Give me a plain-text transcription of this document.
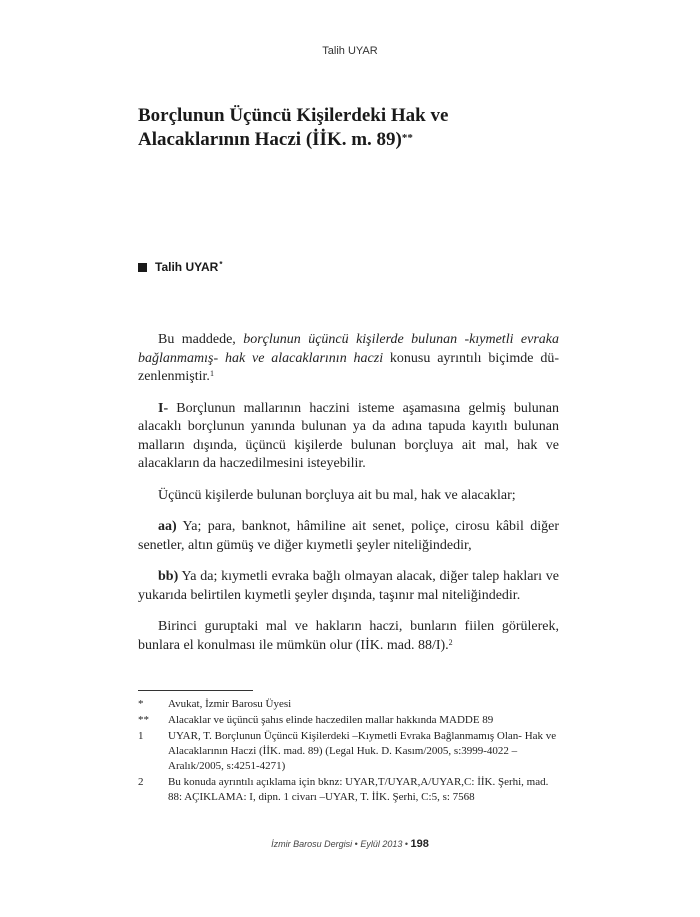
Talih UYAR
Borçlunun Üçüncü Kişilerdeki Hak ve
Alacaklarının Haczi (İİK. m. 89)**
Talih UYAR*

Bu maddede, borçlunun üçüncü kişilerde bulunan -kıymetli evraka bağlanmamış- hak ve alacaklarının haczi konusu ayrıntılı biçimde düzenlenmiştir.$^1$

I- Borçlunun mallarının haczini isteme aşamasına gelmiş bulunan alacaklı borçlunun yanında bulunan ya da adına tapuda kayıtlı bulunan malların dışında, üçüncü kişilerde bulunan borçluya ait mal, hak ve alacakların da haczedilmesini isteyebilir.

Üçüncü kişilerde bulunan borçluya ait bu mal, hak ve alacaklar;

aa) Ya; para, banknot, hâmiline ait senet, poliçe, cirosu kâbil diğer senetler, altın gümüş ve diğer kıymetli şeyler niteliğindedir,

bb) Ya da; kıymetli evraka bağlı olmayan alacak, diğer talep hakları ve yukarıda belirtilen kıymetli şeyler dışında, taşınır mal niteliğindedir.

Birinci guruptaki mal ve hakların haczi, bunların fiilen görülerek, bunlara el konulması ile mümkün olur (IİK. mad. 88/I).$^2$

*	Avukat, İzmir Barosu Üyesi
**	Alacaklar ve üçüncü şahıs elinde haczedilen mallar hakkında MADDE 89
1	UYAR, T. Borçlunun Üçüncü Kişilerdeki –Kıymetli Evraka Bağlanmamış Olan- Hak ve Alacaklarının Haczi (İİK. mad. 89) (Legal Huk. D. Kasım/2005, s:3999-4022 – Aralık/2005, s:4251-4271)
2	Bu konuda ayrıntılı açıklama için bknz: UYAR,T/UYAR,A/UYAR,C: İİK. Şerhi, mad. 88: AÇIKLAMA: I, dipn. 1 civarı –UYAR, T. İİK. Şerhi, C:5, s: 7568
İzmir Barosu Dergisi • Eylül 2013 • 198
